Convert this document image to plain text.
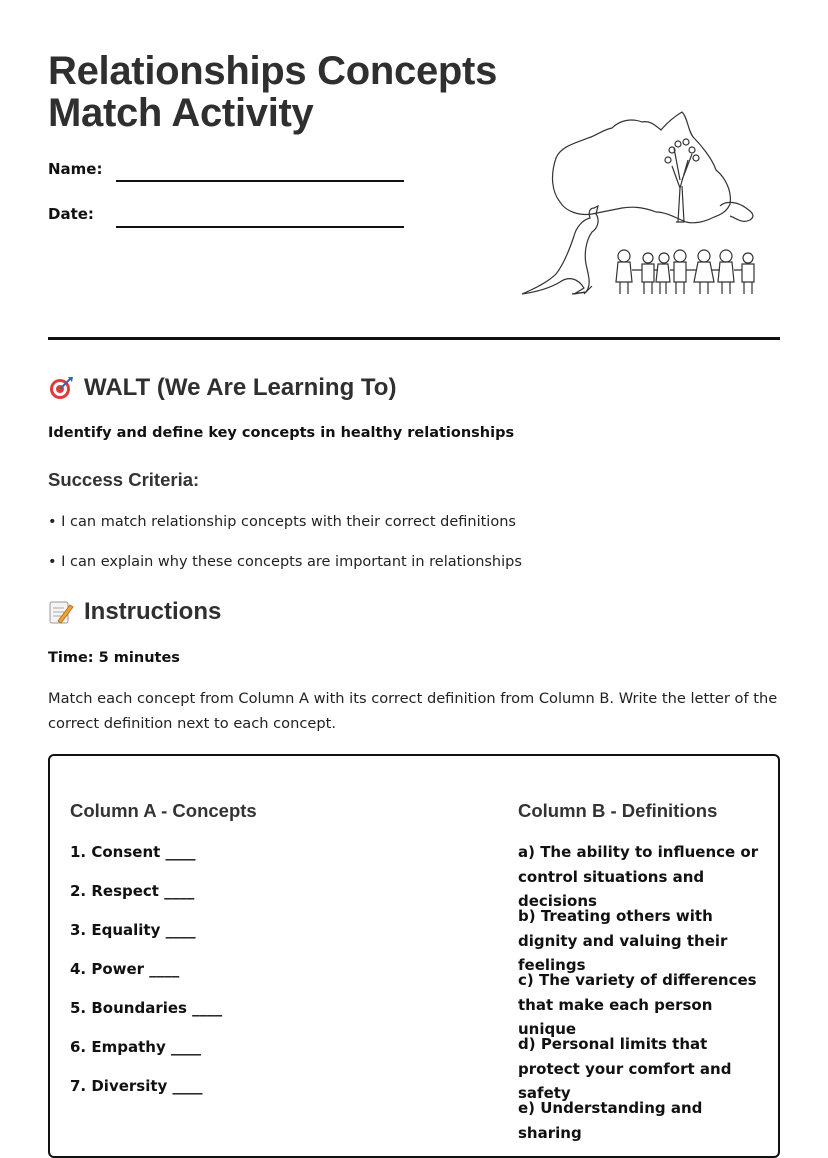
Relationships Concepts
Match Activity
Name:
Date:
WALT (We Are Learning To)
Identify and define key concepts in healthy relationships
Success Criteria:
• I can match relationship concepts with their correct definitions
• I can explain why these concepts are important in relationships
Instructions
Time: 5 minutes
Match each concept from Column A with its correct definition from Column B. Write the letter of the correct definition next to each concept.
Column A - Concepts	Column B - Definitions
1. Consent ____
2. Respect ____
3. Equality ____
4. Power ____
5. Boundaries ____
6. Empathy ____
7. Diversity ____
a) The ability to influence or control situations and decisions
b) Treating others with dignity and valuing their feelings
c) The variety of differences that make each person unique
d) Personal limits that protect your comfort and safety
e) Understanding and sharing
